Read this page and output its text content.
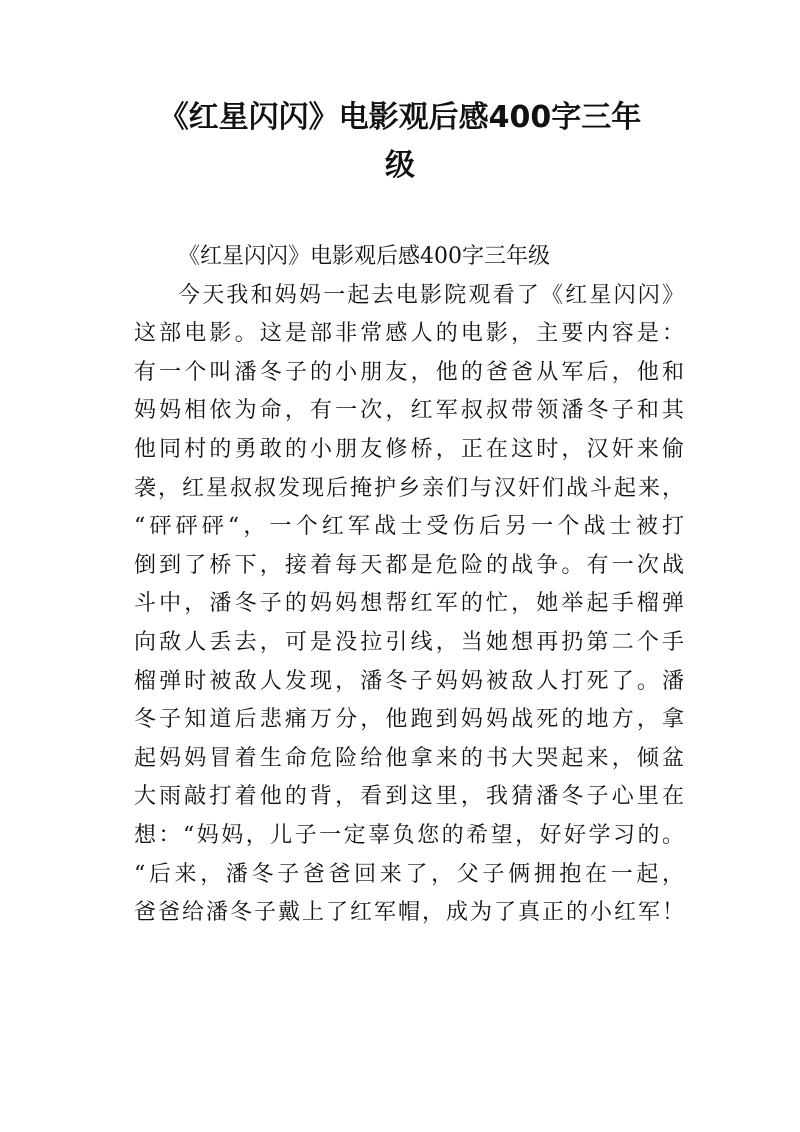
《红星闪闪》电影观后感400字三年
级
《红星闪闪》电影观后感400字三年级
今天我和妈妈一起去电影院观看了《红星闪闪》
这部电影。这是部非常感人的电影，主要内容是：
有一个叫潘冬子的小朋友，他的爸爸从军后，他和
妈妈相依为命，有一次，红军叔叔带领潘冬子和其
他同村的勇敢的小朋友修桥，正在这时，汉奸来偷
袭，红星叔叔发现后掩护乡亲们与汉奸们战斗起来，
“砰砰砰“，一个红军战士受伤后另一个战士被打
倒到了桥下，接着每天都是危险的战争。有一次战
斗中，潘冬子的妈妈想帮红军的忙，她举起手榴弹
向敌人丢去，可是没拉引线，当她想再扔第二个手
榴弹时被敌人发现，潘冬子妈妈被敌人打死了。潘
冬子知道后悲痛万分，他跑到妈妈战死的地方，拿
起妈妈冒着生命危险给他拿来的书大哭起来，倾盆
大雨敲打着他的背，看到这里，我猜潘冬子心里在
想：“妈妈，儿子一定辜负您的希望，好好学习的。
“后来，潘冬子爸爸回来了，父子俩拥抱在一起，
爸爸给潘冬子戴上了红军帽，成为了真正的小红军！
